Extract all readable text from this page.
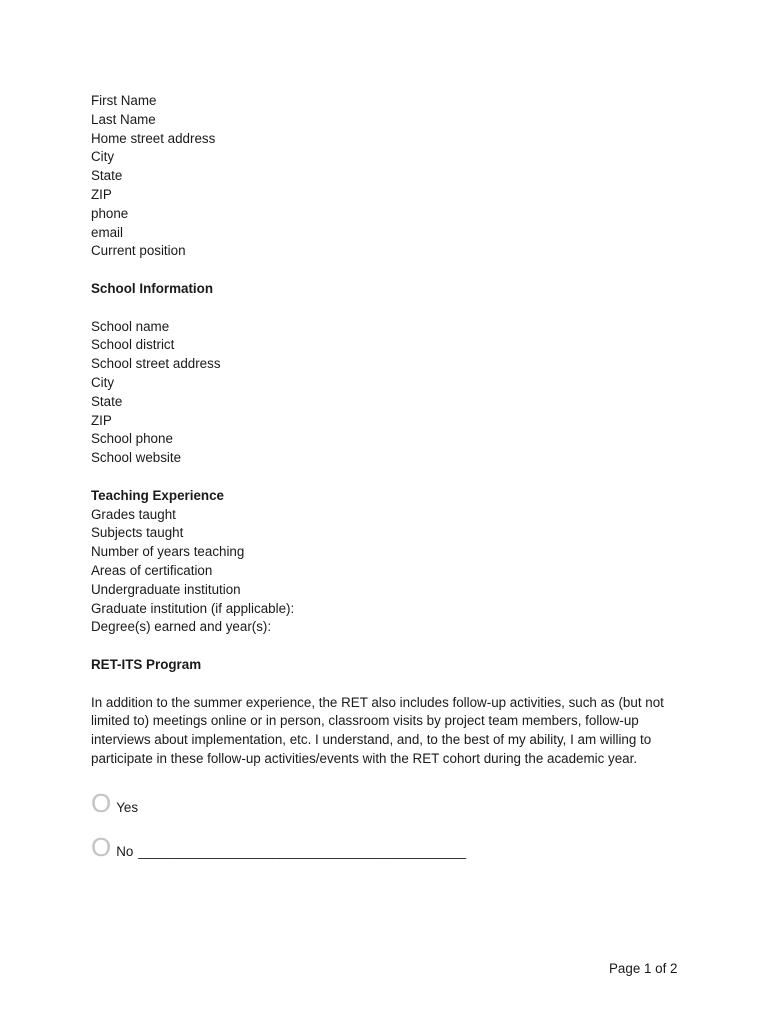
First Name
Last Name
Home street address
City
State
ZIP
phone
email
Current position
School Information
School name
School district
School street address
City
State
ZIP
School phone
School website
Teaching Experience
Grades taught
Subjects taught
Number of years teaching
Areas of certification
Undergraduate institution
Graduate institution (if applicable):
Degree(s) earned and year(s):
RET-ITS Program
In addition to the summer experience, the RET also includes follow-up activities, such as (but not limited to) meetings online or in person, classroom visits by project team members, follow-up interviews about implementation, etc. I understand, and, to the best of my ability, I am willing to participate in these follow-up activities/events with the RET cohort during the academic year.
O Yes
O No ____________________________________________
Page 1 of 2
